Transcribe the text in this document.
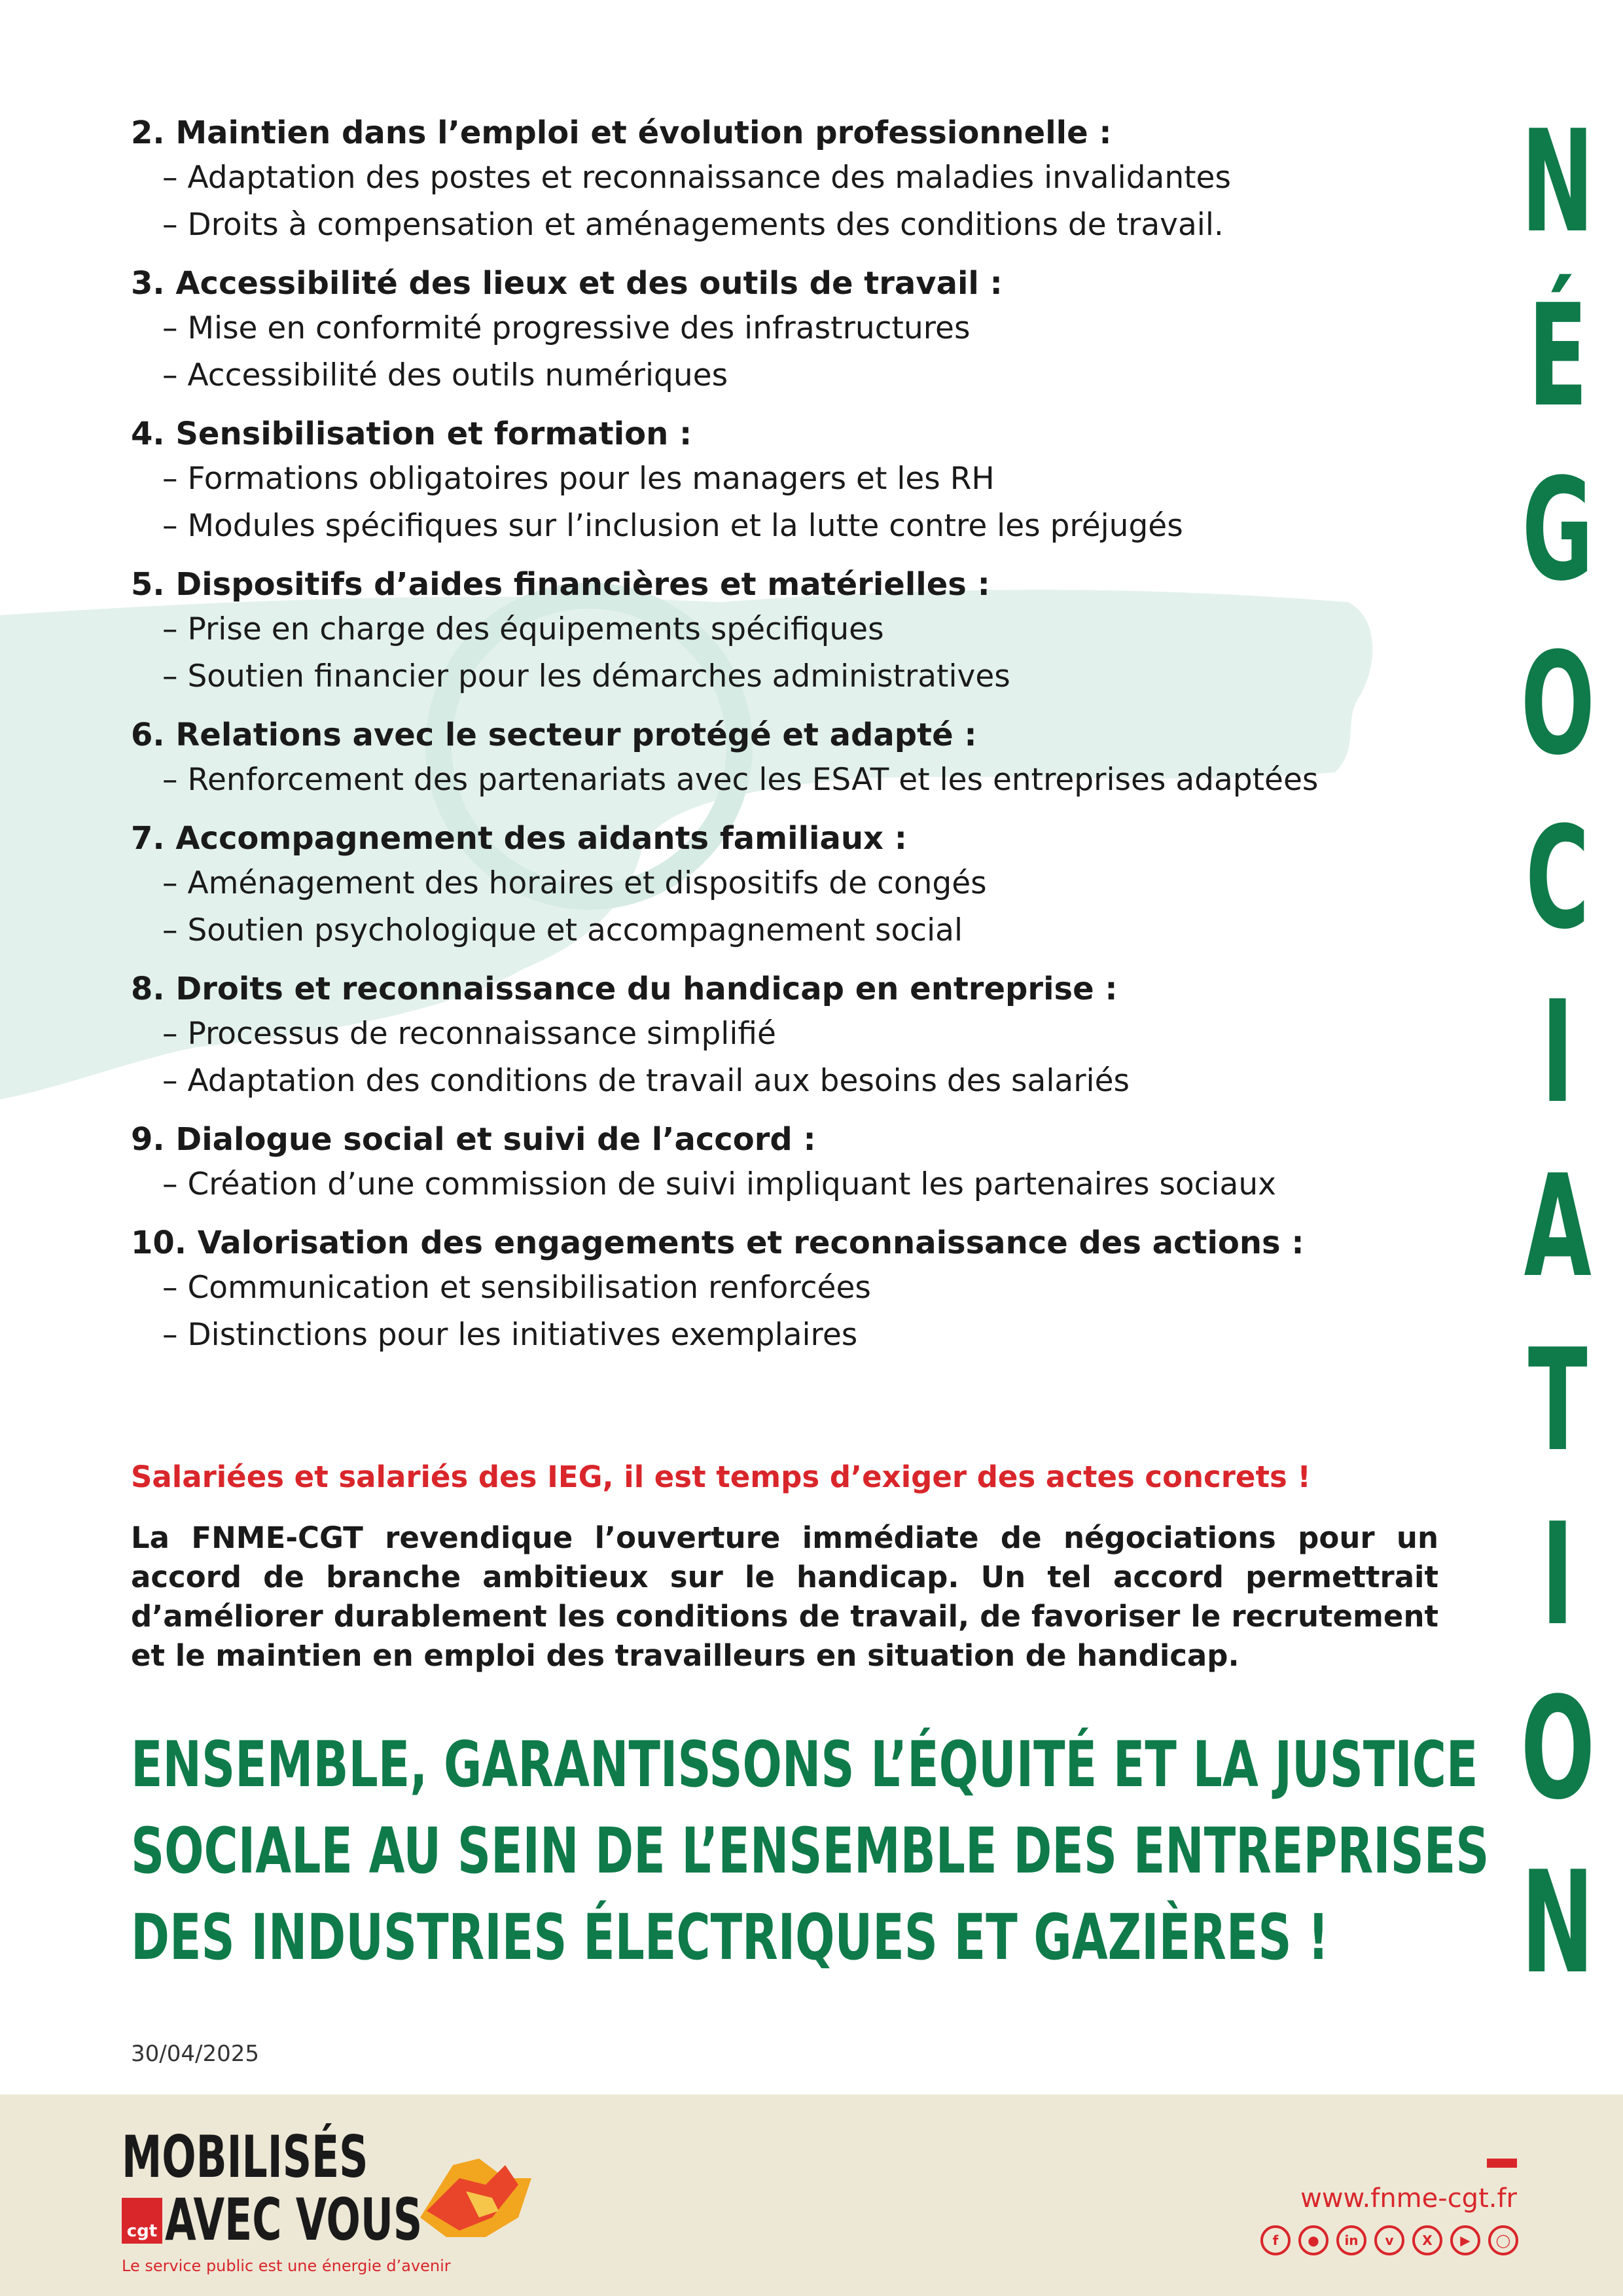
N
É
G
O
C
I
A
T
I
O
N
2. Maintien dans l’emploi et évolution professionnelle :
– Adaptation des postes et reconnaissance des maladies invalidantes
– Droits à compensation et aménagements des conditions de travail.
3. Accessibilité des lieux et des outils de travail :
– Mise en conformité progressive des infrastructures
– Accessibilité des outils numériques
4. Sensibilisation et formation :
– Formations obligatoires pour les managers et les RH
– Modules spécifiques sur l’inclusion et la lutte contre les préjugés
5. Dispositifs d’aides financières et matérielles :
– Prise en charge des équipements spécifiques
– Soutien financier pour les démarches administratives
6. Relations avec le secteur protégé et adapté :
– Renforcement des partenariats avec les ESAT et les entreprises adaptées
7. Accompagnement des aidants familiaux :
– Aménagement des horaires et dispositifs de congés
– Soutien psychologique et accompagnement social
8. Droits et reconnaissance du handicap en entreprise :
– Processus de reconnaissance simplifié
– Adaptation des conditions de travail aux besoins des salariés
9. Dialogue social et suivi de l’accord :
– Création d’une commission de suivi impliquant les partenaires sociaux
10. Valorisation des engagements et reconnaissance des actions :
– Communication et sensibilisation renforcées
– Distinctions pour les initiatives exemplaires
Salariées et salariés des IEG, il est temps d’exiger des actes concrets !
La FNME-CGT revendique l’ouverture immédiate de négociations pour un accord de branche ambitieux sur le handicap. Un tel accord permettrait d’améliorer durablement les conditions de travail, de favoriser le recrutement et le maintien en emploi des travailleurs en situation de handicap.
ENSEMBLE, GARANTISSONS L’ÉQUITÉ ET LA JUSTICE
SOCIALE AU SEIN DE L’ENSEMBLE DES ENTREPRISES
DES INDUSTRIES ÉLECTRIQUES ET GAZIÈRES !
30/04/2025
MOBILISÉS
cgt AVEC VOUS
Le service public est une énergie d’avenir
www.fnme-cgt.fr
f	●	in	v	X	▶	◯
